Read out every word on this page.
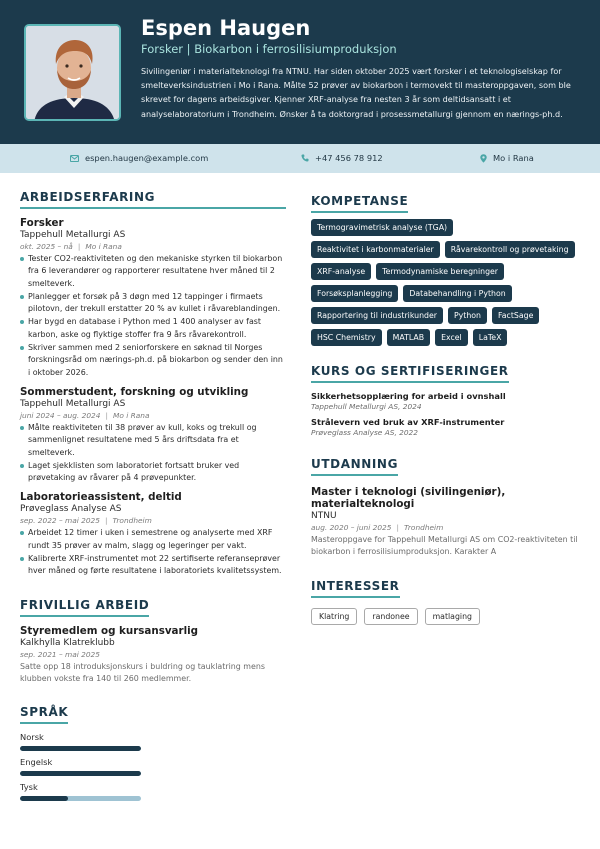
Espen Haugen
Forsker | Biokarbon i ferrosilisiumproduksjon
Sivilingeniør i materialteknologi fra NTNU. Har siden oktober 2025 vært forsker i et teknologiselskap for smelteverksindustrien i Mo i Rana. Målte 52 prøver av biokarbon i termovekt til masteroppgaven, som ble skrevet for dagens arbeidsgiver. Kjenner XRF-analyse fra nesten 3 år som deltidsansatt i et analyselaboratorium i Trondheim. Ønsker å ta doktorgrad i prosessmetallurgi gjennom en nærings-ph.d.
espen.haugen@example.com	+47 456 78 912	Mo i Rana
ARBEIDSERFARING
Forsker
Tappehull Metallurgi AS
okt. 2025 – nå | Mo i Rana
Tester CO2-reaktiviteten og den mekaniske styrken til biokarbon fra 6 leverandører og rapporterer resultatene hver måned til 2 smelteverk.
Planlegger et forsøk på 3 døgn med 12 tappinger i firmaets pilotovn, der trekull erstatter 20 % av kullet i råvareblandingen.
Har bygd en database i Python med 1 400 analyser av fast karbon, aske og flyktige stoffer fra 9 års råvarekontroll.
Skriver sammen med 2 seniorforskere en søknad til Norges forskningsråd om nærings-ph.d. på biokarbon og sender den inn i oktober 2026.
Sommerstudent, forskning og utvikling
Tappehull Metallurgi AS
juni 2024 – aug. 2024 | Mo i Rana
Målte reaktiviteten til 38 prøver av kull, koks og trekull og sammenlignet resultatene med 5 års driftsdata fra et smelteverk.
Laget sjekklisten som laboratoriet fortsatt bruker ved prøvetaking av råvarer på 4 prøvepunkter.
Laboratorieassistent, deltid
Prøveglass Analyse AS
sep. 2022 – mai 2025 | Trondheim
Arbeidet 12 timer i uken i semestrene og analyserte med XRF rundt 35 prøver av malm, slagg og legeringer per vakt.
Kalibrerte XRF-instrumentet mot 22 sertifiserte referanseprøver hver måned og førte resultatene i laboratoriets kvalitetssystem.
FRIVILLIG ARBEID
Styremedlem og kursansvarlig
Kalkhylla Klatreklubb
sep. 2021 – mai 2025
Satte opp 18 introduksjonskurs i buldring og tauklatring mens klubben vokste fra 140 til 260 medlemmer.
SPRÅK
Norsk
Engelsk
Tysk
KOMPETANSE
Termogravimetrisk analyse (TGA)
Reaktivitet i karbonmaterialer	Råvarekontroll og prøvetaking
XRF-analyse	Termodynamiske beregninger
Forsøksplanlegging	Databehandling i Python
Rapportering til industrikunder	Python	FactSage
HSC Chemistry	MATLAB	Excel	LaTeX
KURS OG SERTIFISERINGER
Sikkerhetsopplæring for arbeid i ovnshall
Tappehull Metallurgi AS, 2024
Strålevern ved bruk av XRF-instrumenter
Prøveglass Analyse AS, 2022
UTDANNING
Master i teknologi (sivilingeniør), materialteknologi
NTNU
aug. 2020 – juni 2025 | Trondheim
Masteroppgave for Tappehull Metallurgi AS om CO2-reaktiviteten til biokarbon i ferrosilisiumproduksjon. Karakter A
INTERESSER
Klatring	randonee	matlaging
